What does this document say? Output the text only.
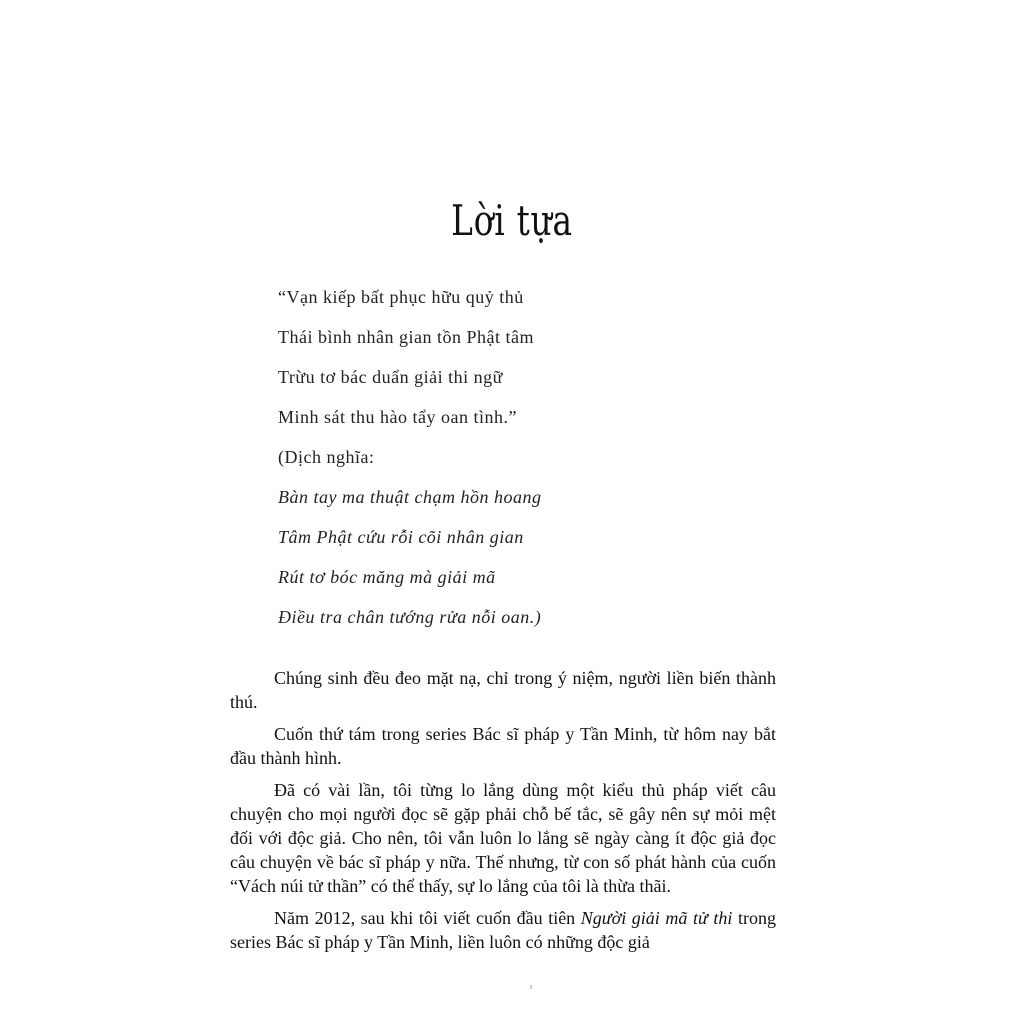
Lời tựa
“Vạn kiếp bất phục hữu quỷ thủ
Thái bình nhân gian tồn Phật tâm
Trừu tơ bác duẩn giải thi ngữ
Minh sát thu hào tẩy oan tình.”
(Dịch nghĩa:
Bàn tay ma thuật chạm hồn hoang
Tâm Phật cứu rỗi cõi nhân gian
Rút tơ bóc măng mà giải mã
Điều tra chân tướng rửa nỗi oan.)

Chúng sinh đều đeo mặt nạ, chỉ trong ý niệm, người liền biến thành thú.

Cuốn thứ tám trong series Bác sĩ pháp y Tần Minh, từ hôm nay bắt đầu thành hình.

Đã có vài lần, tôi từng lo lắng dùng một kiểu thủ pháp viết câu chuyện cho mọi người đọc sẽ gặp phải chỗ bế tắc, sẽ gây nên sự mỏi mệt đối với độc giả. Cho nên, tôi vẫn luôn lo lắng sẽ ngày càng ít độc giả đọc câu chuyện về bác sĩ pháp y nữa. Thế nhưng, từ con số phát hành của cuốn “Vách núi tử thần” có thể thấy, sự lo lắng của tôi là thừa thãi.

Năm 2012, sau khi tôi viết cuốn đầu tiên Người giải mã tử thi trong series Bác sĩ pháp y Tần Minh, liền luôn có những độc giả
